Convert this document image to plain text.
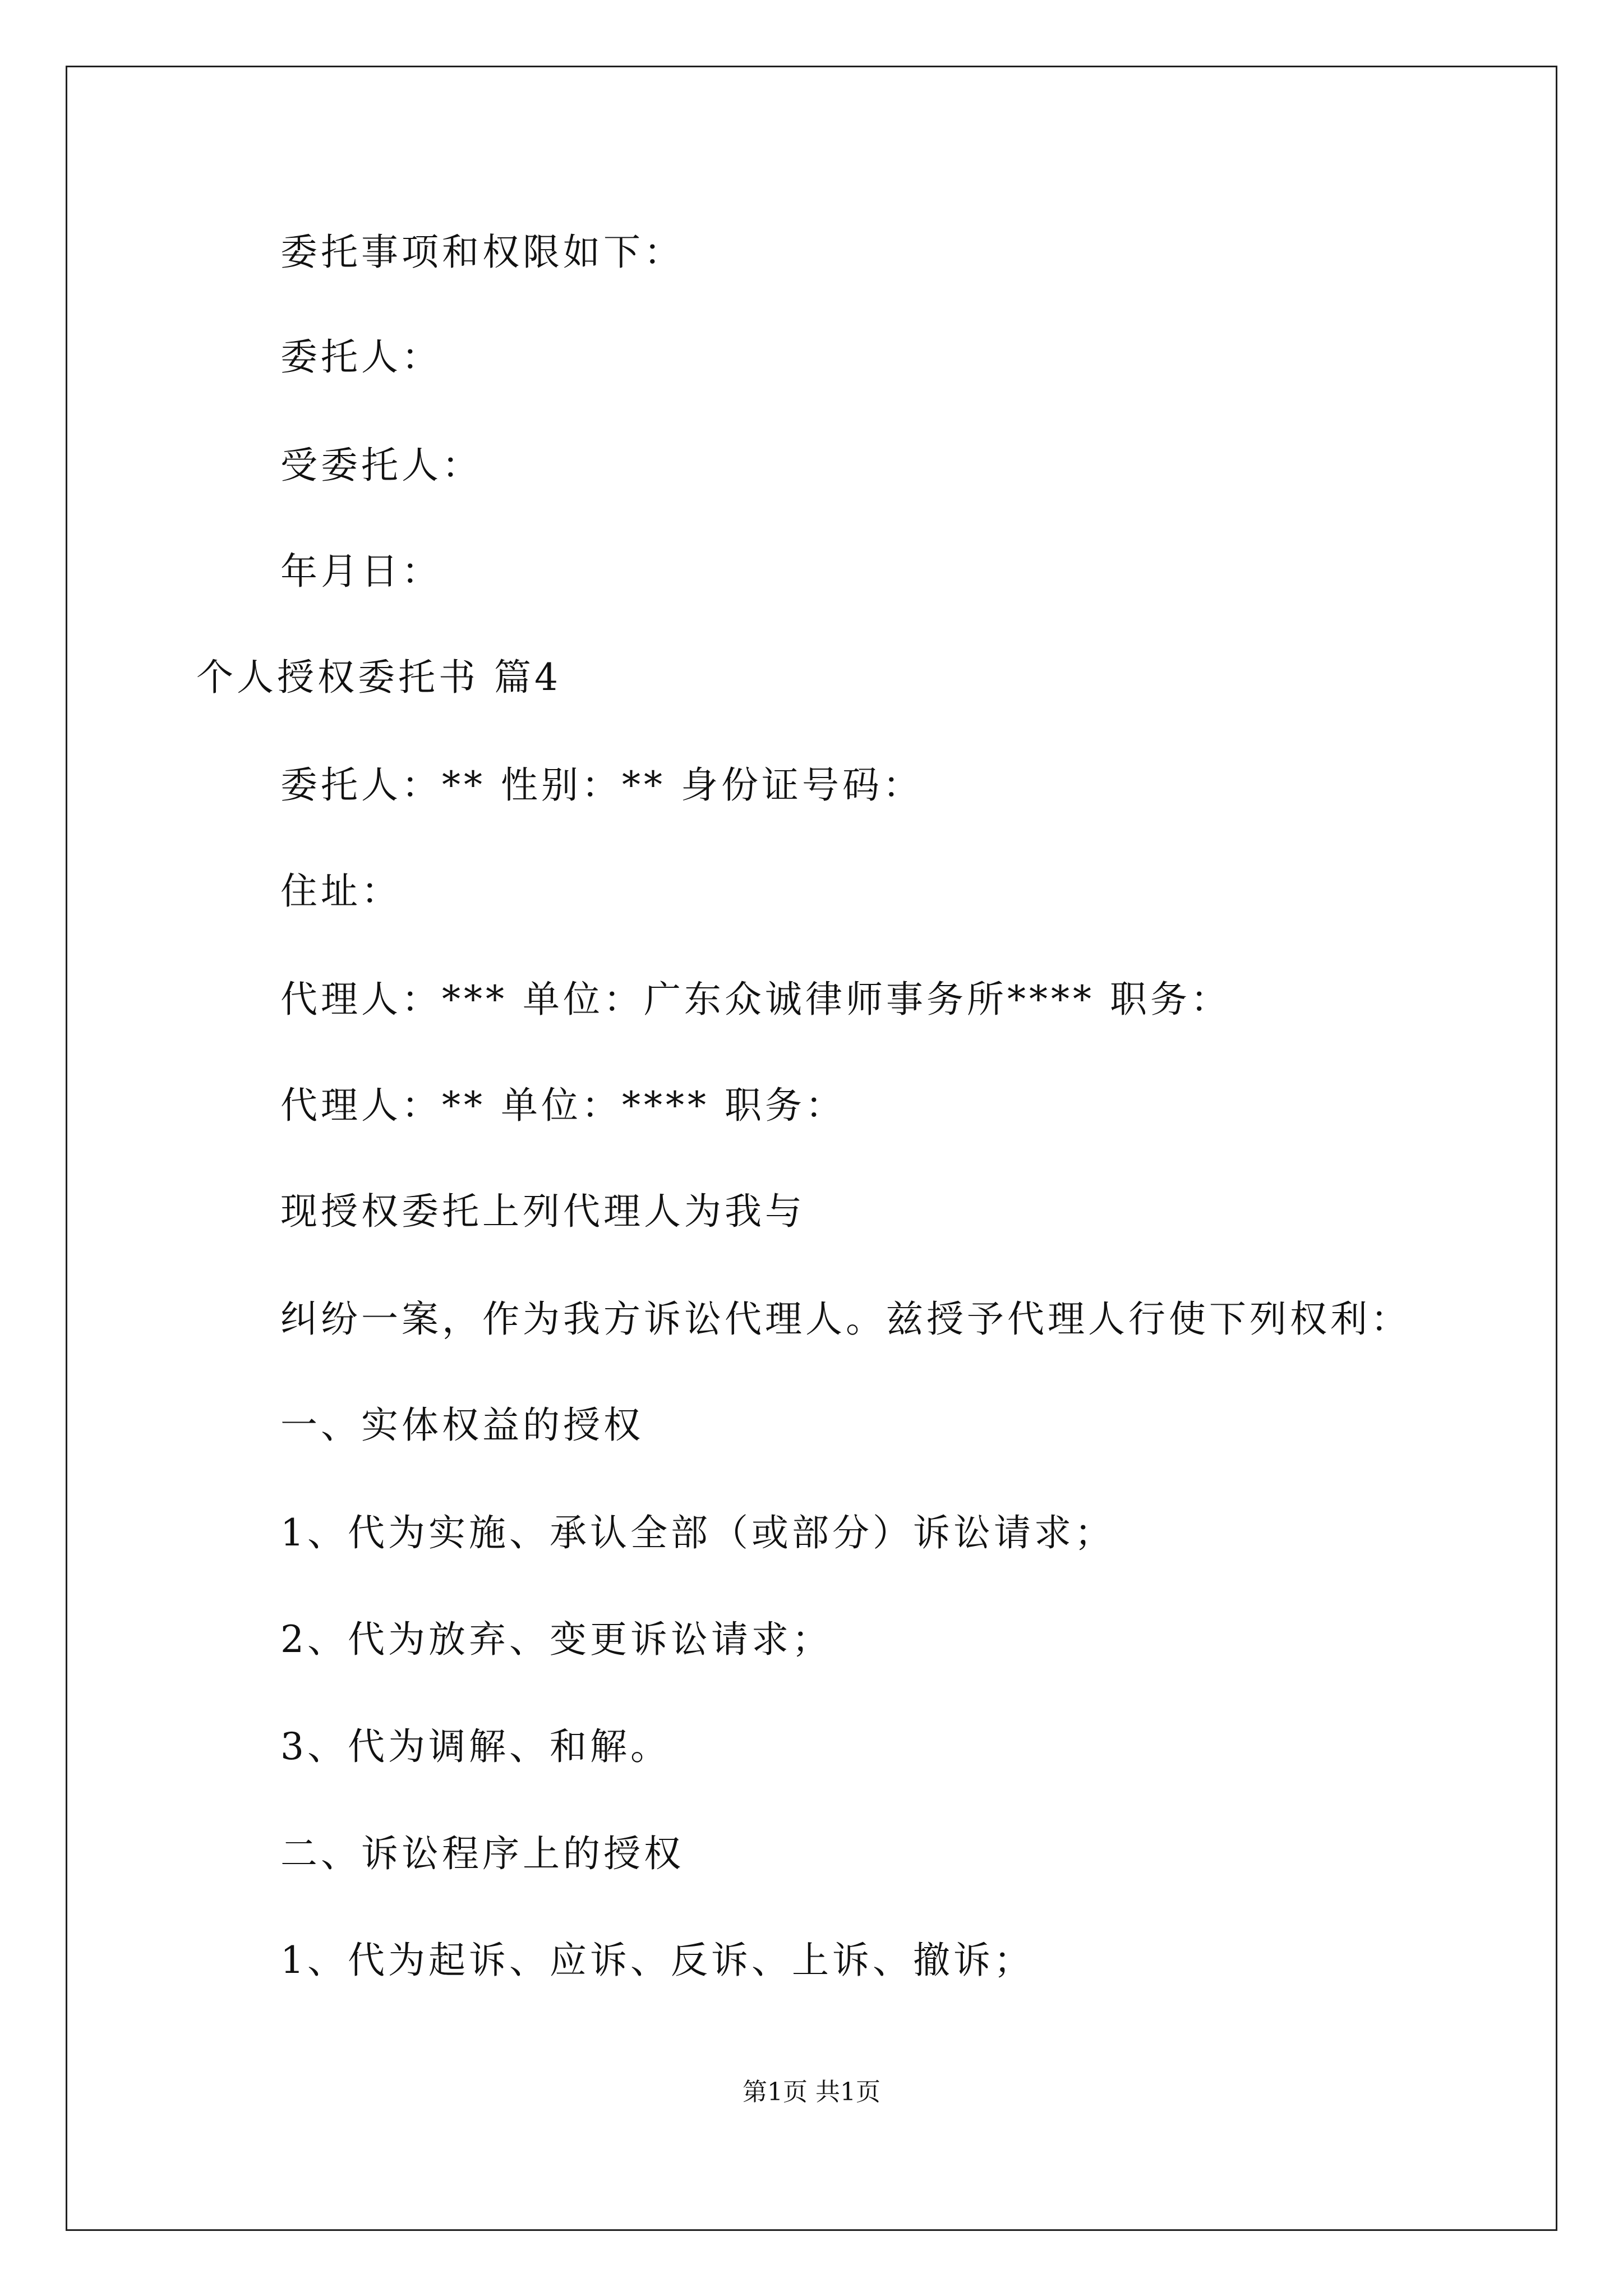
委托事项和权限如下：
委托人：
受委托人：
年月日：
个人授权委托书 篇4
委托人：** 性别：** 身份证号码：
住址：
代理人：*** 单位：广东众诚律师事务所**** 职务：
代理人：** 单位：**** 职务：
现授权委托上列代理人为我与
纠纷一案，作为我方诉讼代理人。兹授予代理人行使下列权利：
一、实体权益的授权
1、代为实施、承认全部（或部分）诉讼请求；
2、代为放弃、变更诉讼请求；
3、代为调解、和解。
二、诉讼程序上的授权
1、代为起诉、应诉、反诉、上诉、撤诉；
第1页 共1页
